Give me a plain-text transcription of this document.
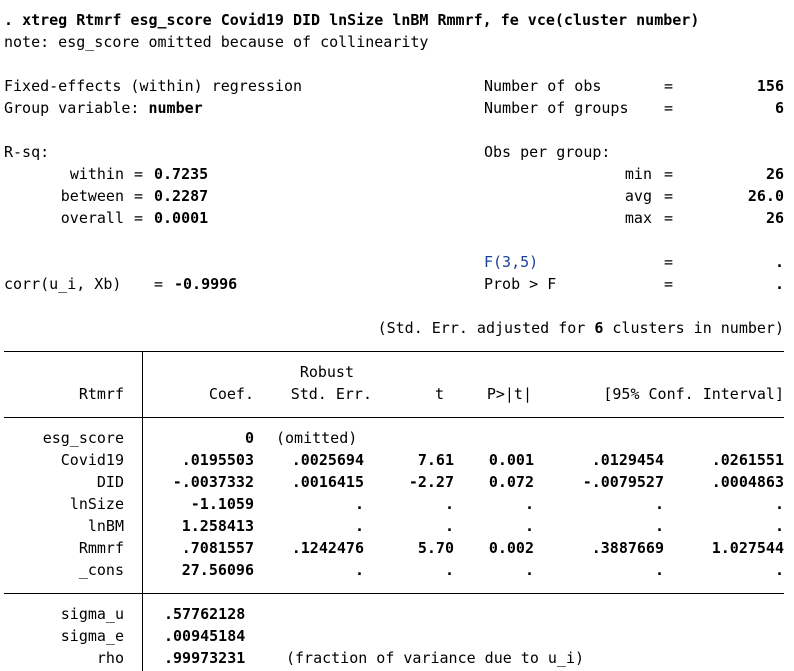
. xtreg Rtmrf esg_score Covid19 DID lnSize lnBM Rmmrf, fe vce(cluster number)
note: esg_score omitted because of collinearity
Fixed-effects (within) regression
Group variable: number
Number of obs	=	156
Number of groups =	6
R-sq:
within = 0.7235
between = 0.2287
overall = 0.0001
Obs per group:
min =	26
avg =	26.0
max =	26
F(3,5)	=	.
Prob > F	=	.
corr(u_i, Xb) = -0.9996
(Std. Err. adjusted for 6 clusters in number)
Robust
Rtmrf	Coef.	Std. Err.	t	P>|t|	[95% Conf. Interval]
esg_score	0 (omitted)
Covid19	.0195503	.0025694	7.61	0.001	.0129454	.0261551
DID	-.0037332	.0016415	-2.27	0.072	-.0079527	.0004863
lnSize	-1.1059	.	.	.	.	.
lnBM	1.258413	.	.	.	.	.
Rmmrf	.7081557	.1242476	5.70	0.002	.3887669	1.027544
_cons	27.56096	.	.	.	.	.
sigma_u	.57762128
sigma_e	.00945184
rho	.99973231	(fraction of variance due to u_i)
